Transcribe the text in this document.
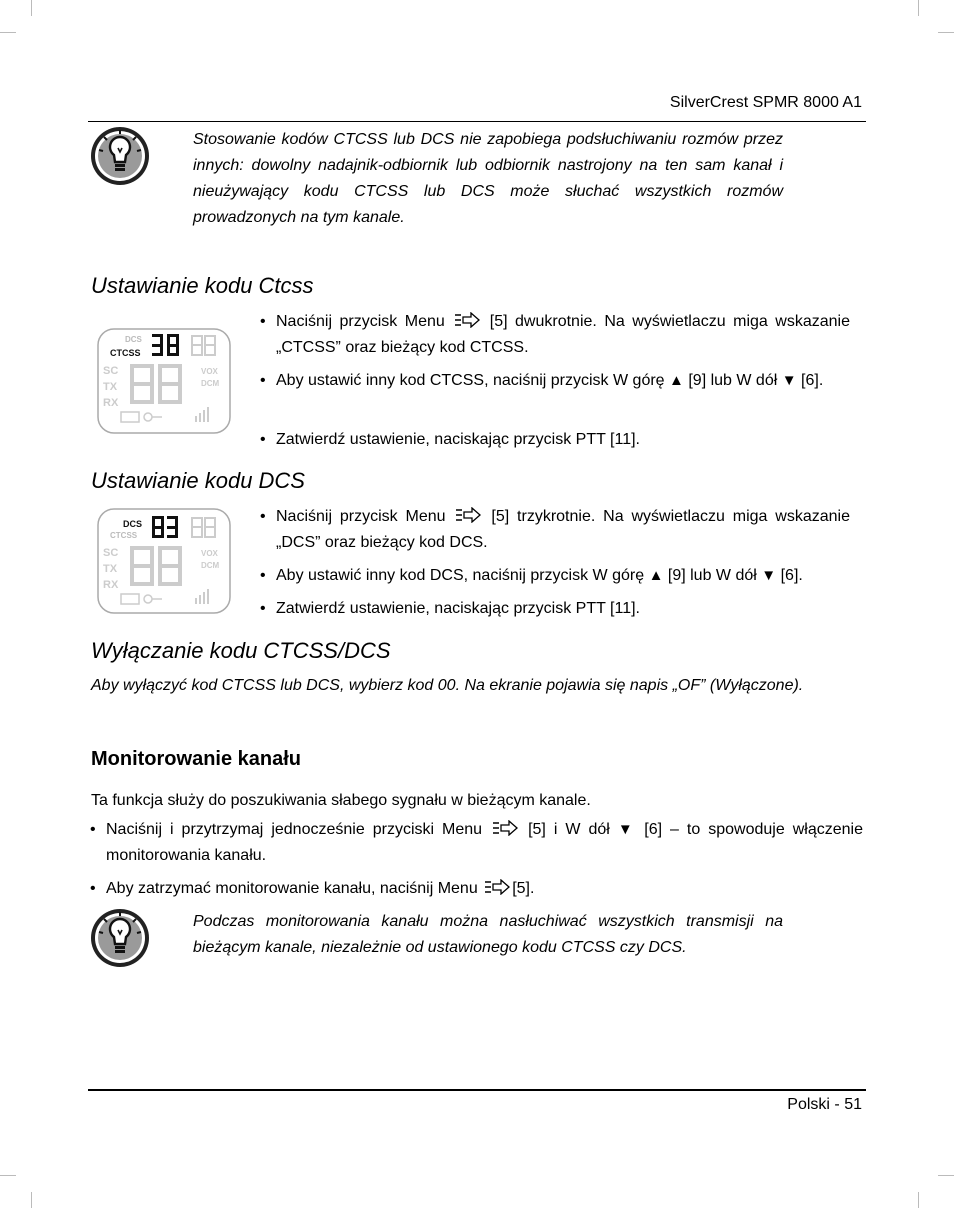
SilverCrest SPMR 8000 A1
Stosowanie kodów CTCSS lub DCS nie zapobiega podsłuchiwaniu rozmów przez innych: dowolny nadajnik-odbiornik lub odbiornik nastrojony na ten sam kanał i nieużywający kodu CTCSS lub DCS może słuchać wszystkich rozmów prowadzonych na tym kanale.
Ustawianie kodu Ctcss
DCS
CTCSS
SC
TX
RX
VOX
DCM
• Naciśnij przycisk Menu	[5] dwukrotnie. Na wyświetlaczu miga wskazanie „CTCSS” oraz bieżący kod CTCSS.
• Aby ustawić inny kod CTCSS, naciśnij przycisk W górę ▲ [9] lub W dół ▼ [6].
• Zatwierdź ustawienie, naciskając przycisk PTT [11].
Ustawianie kodu DCS
DCS
CTCSS
SC
TX
RX
VOX
DCM
• Naciśnij przycisk Menu	[5] trzykrotnie. Na wyświetlaczu miga wskazanie „DCS” oraz bieżący kod DCS.
• Aby ustawić inny kod DCS, naciśnij przycisk W górę ▲ [9] lub W dół ▼ [6].
• Zatwierdź ustawienie, naciskając przycisk PTT [11].
Wyłączanie kodu CTCSS/DCS
Aby wyłączyć kod CTCSS lub DCS, wybierz kod 00. Na ekranie pojawia się napis „OF” (Wyłączone).
Monitorowanie kanału
Ta funkcja służy do poszukiwania słabego sygnału w bieżącym kanale.
• Naciśnij i przytrzymaj jednocześnie przyciski Menu	[5] i W dół ▼ [6] – to spowoduje włączenie monitorowania kanału.
• Aby zatrzymać monitorowanie kanału, naciśnij Menu [5].
Podczas monitorowania kanału można nasłuchiwać wszystkich transmisji na bieżącym kanale, niezależnie od ustawionego kodu CTCSS czy DCS.
Polski - 51
